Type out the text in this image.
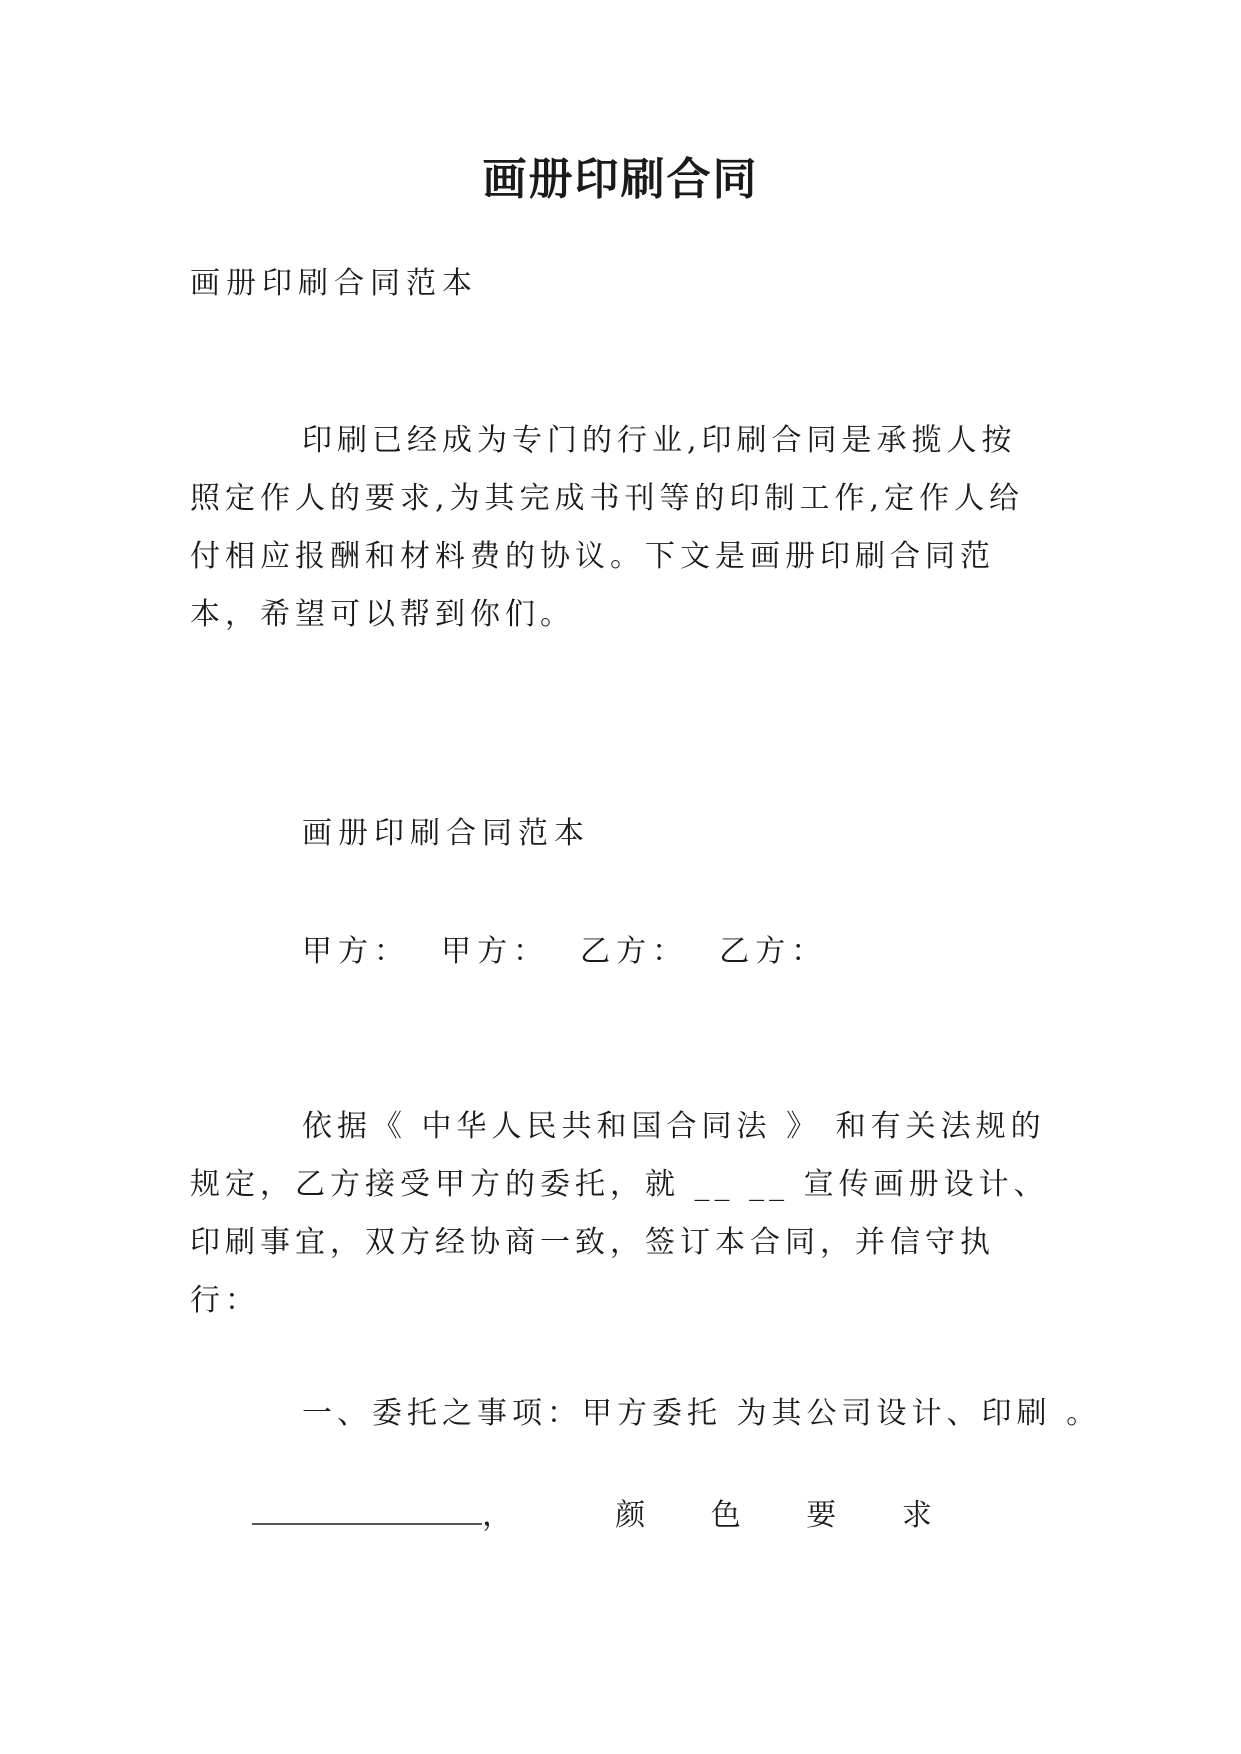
画册印刷合同
画册印刷合同范本
印刷已经成为专门的行业,印刷合同是承揽人按照定作人的要求,为其完成书刊等的印制工作,定作人给付相应报酬和材料费的协议。下文是画册印刷合同范本，希望可以帮到你们。
画册印刷合同范本
甲方：  甲方：  乙方：  乙方：
依据《 中华人民共和国合同法 》 和有关法规的规定，乙方接受甲方的委托，就 __ __ 宣传画册设计、印刷事宜，双方经协商一致，签订本合同，并信守执行：
一、委托之事项：甲方委托 为其公司设计、印刷 。

，  颜 色 要 求
